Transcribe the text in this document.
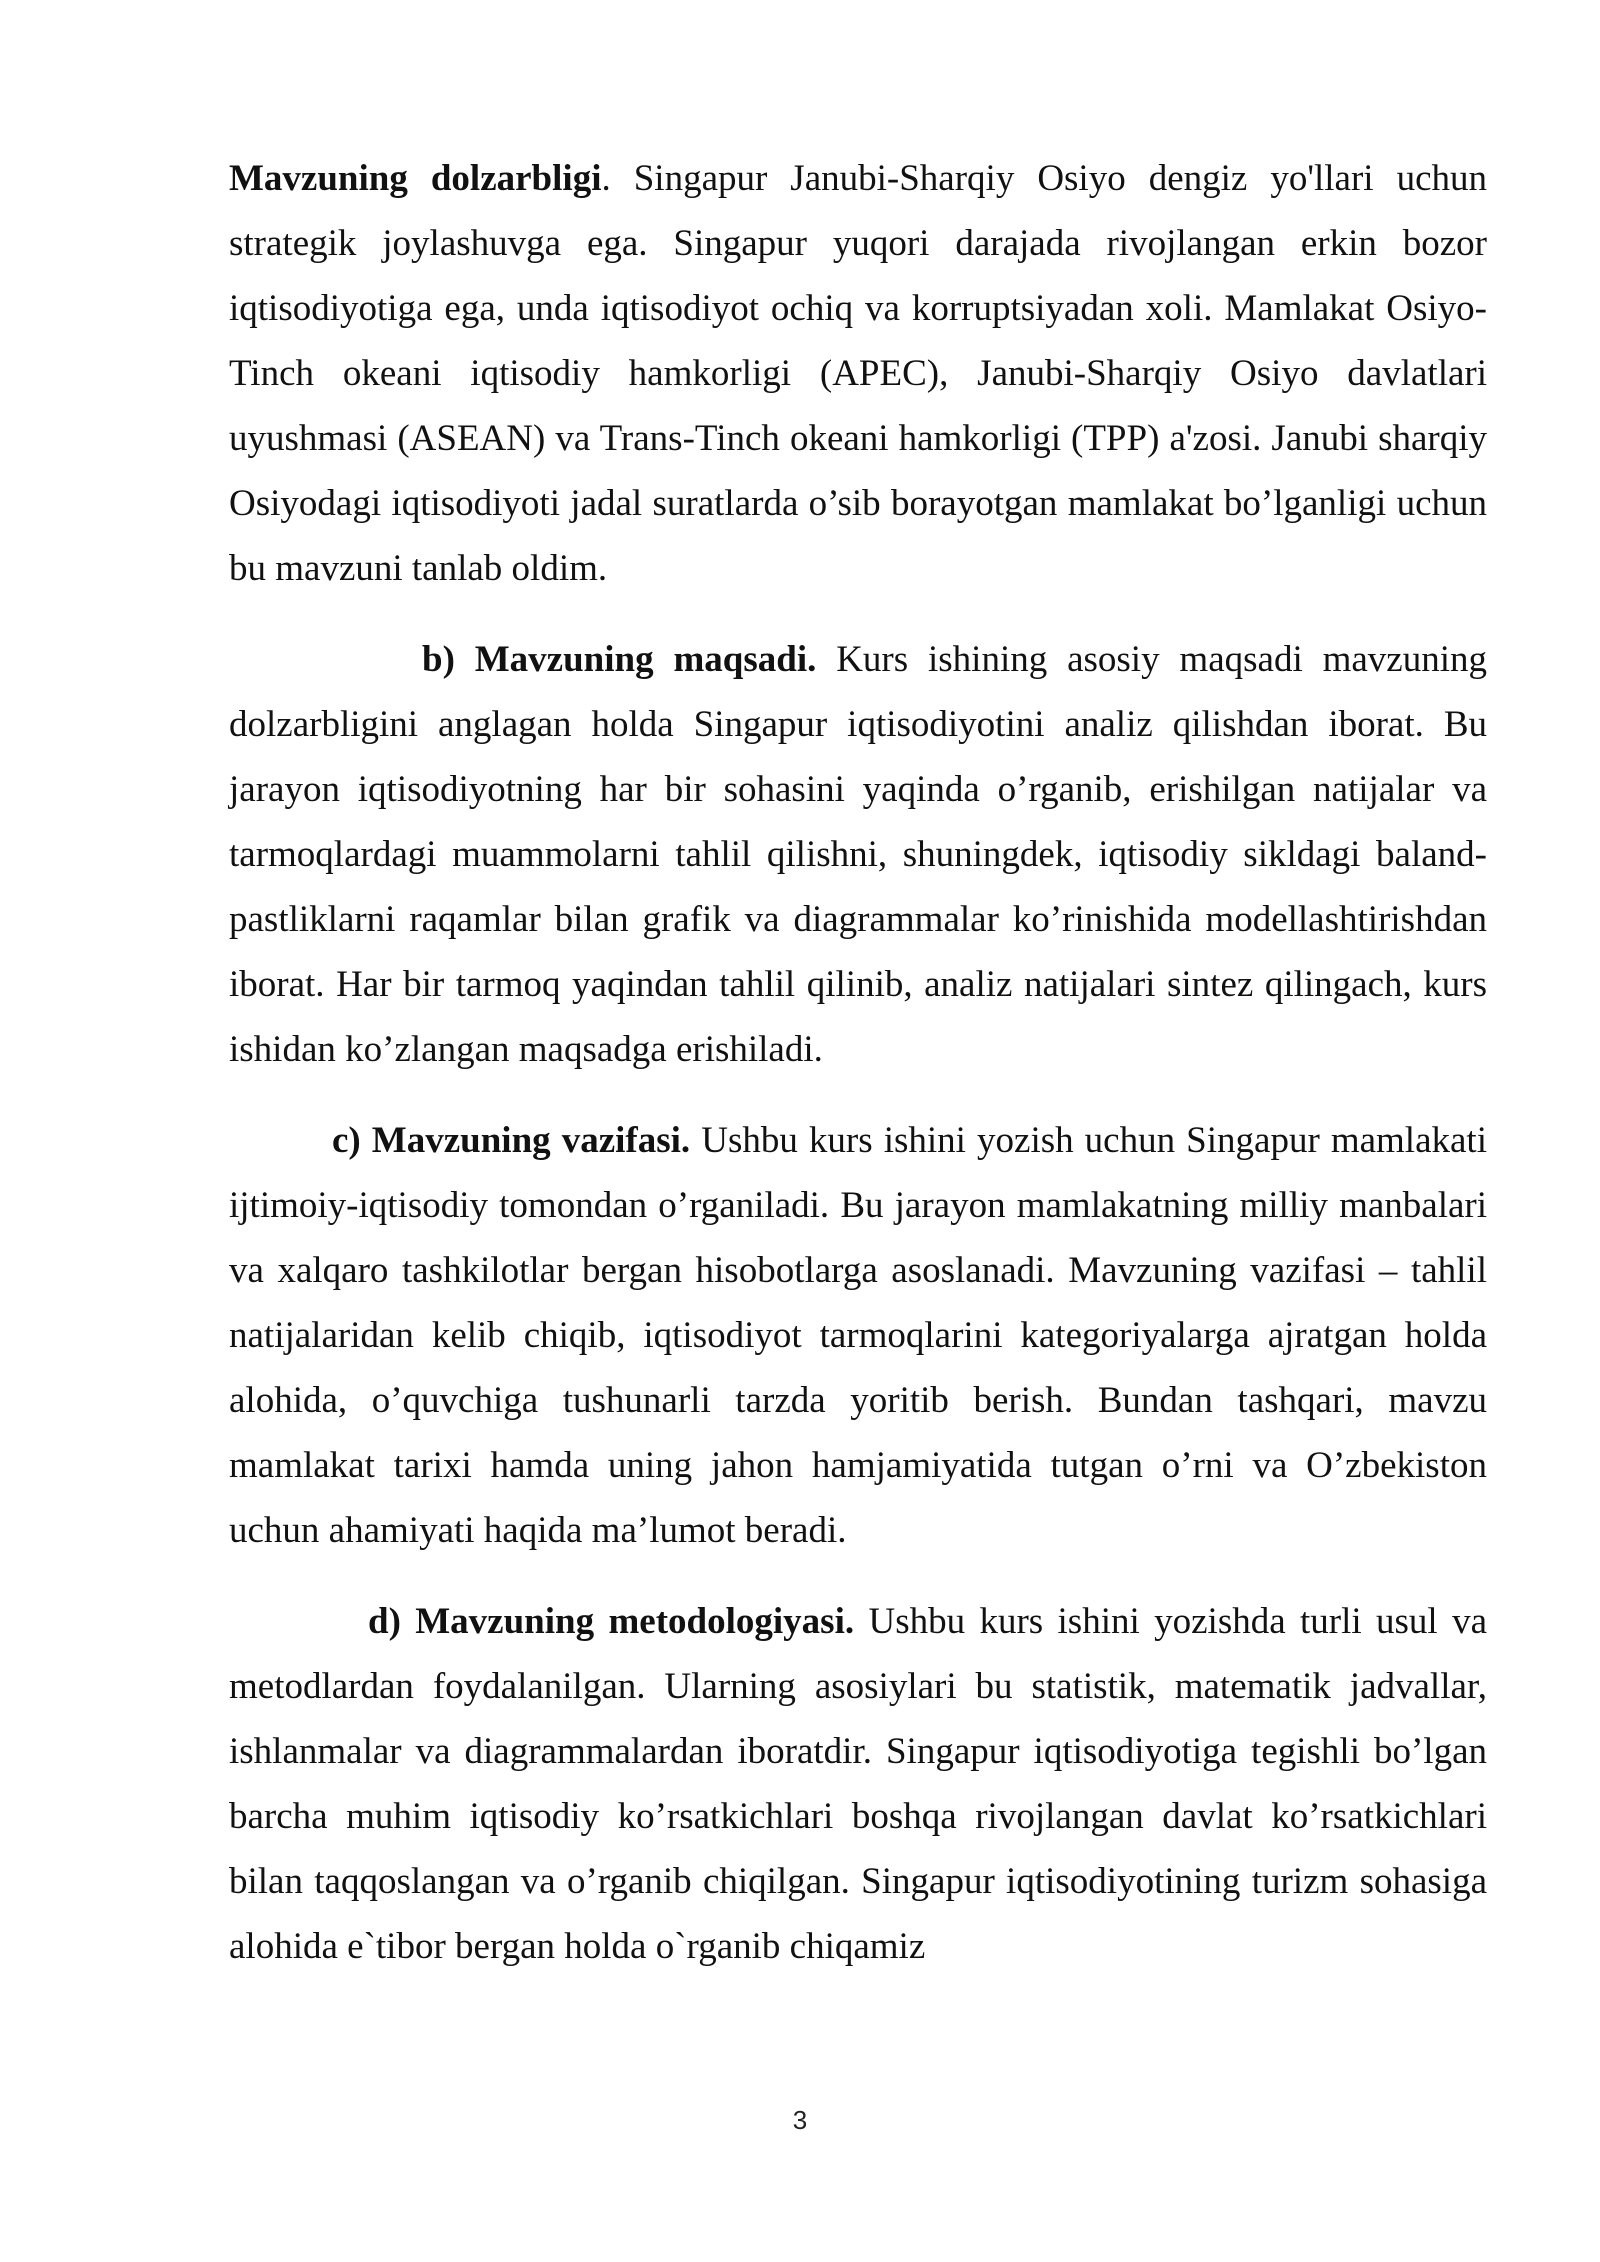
Mavzuning dolzarbligi. Singapur Janubi-Sharqiy Osiyo dengiz yo'llari uchun strategik joylashuvga ega. Singapur yuqori darajada rivojlangan erkin bozor iqtisodiyotiga ega, unda iqtisodiyot ochiq va korruptsiyadan xoli. Mamlakat Osiyo-Tinch okeani iqtisodiy hamkorligi (APEC), Janubi-Sharqiy Osiyo davlatlari uyushmasi (ASEAN) va Trans-Tinch okeani hamkorligi (TPP) a'zosi. Janubi sharqiy Osiyodagi iqtisodiyoti jadal suratlarda o’sib borayotgan mamlakat bo’lganligi uchun bu mavzuni tanlab oldim.

b) Mavzuning maqsadi. Kurs ishining asosiy maqsadi mavzuning dolzarbligini anglagan holda Singapur iqtisodiyotini analiz qilishdan iborat. Bu jarayon iqtisodiyotning har bir sohasini yaqinda o’rganib, erishilgan natijalar va tarmoqlardagi muammolarni tahlil qilishni, shuningdek, iqtisodiy sikldagi baland-pastliklarni raqamlar bilan grafik va diagrammalar ko’rinishida modellashtirishdan iborat. Har bir tarmoq yaqindan tahlil qilinib, analiz natijalari sintez qilingach, kurs ishidan ko’zlangan maqsadga erishiladi.

c) Mavzuning vazifasi. Ushbu kurs ishini yozish uchun Singapur mamlakati ijtimoiy-iqtisodiy tomondan o’rganiladi. Bu jarayon mamlakatning milliy manbalari va xalqaro tashkilotlar bergan hisobotlarga asoslanadi. Mavzuning vazifasi – tahlil natijalaridan kelib chiqib, iqtisodiyot tarmoqlarini kategoriyalarga ajratgan holda alohida, o’quvchiga tushunarli tarzda yoritib berish. Bundan tashqari, mavzu mamlakat tarixi hamda uning jahon hamjamiyatida tutgan o’rni va O’zbekiston uchun ahamiyati haqida ma’lumot beradi.

d) Mavzuning metodologiyasi. Ushbu kurs ishini yozishda turli usul va metodlardan foydalanilgan. Ularning asosiylari bu statistik, matematik jadvallar, ishlanmalar va diagrammalardan iboratdir. Singapur iqtisodiyotiga tegishli bo’lgan barcha muhim iqtisodiy ko’rsatkichlari boshqa rivojlangan davlat ko’rsatkichlari bilan taqqoslangan va o’rganib chiqilgan. Singapur iqtisodiyotining turizm sohasiga alohida e`tibor bergan holda o`rganib chiqamiz

3
